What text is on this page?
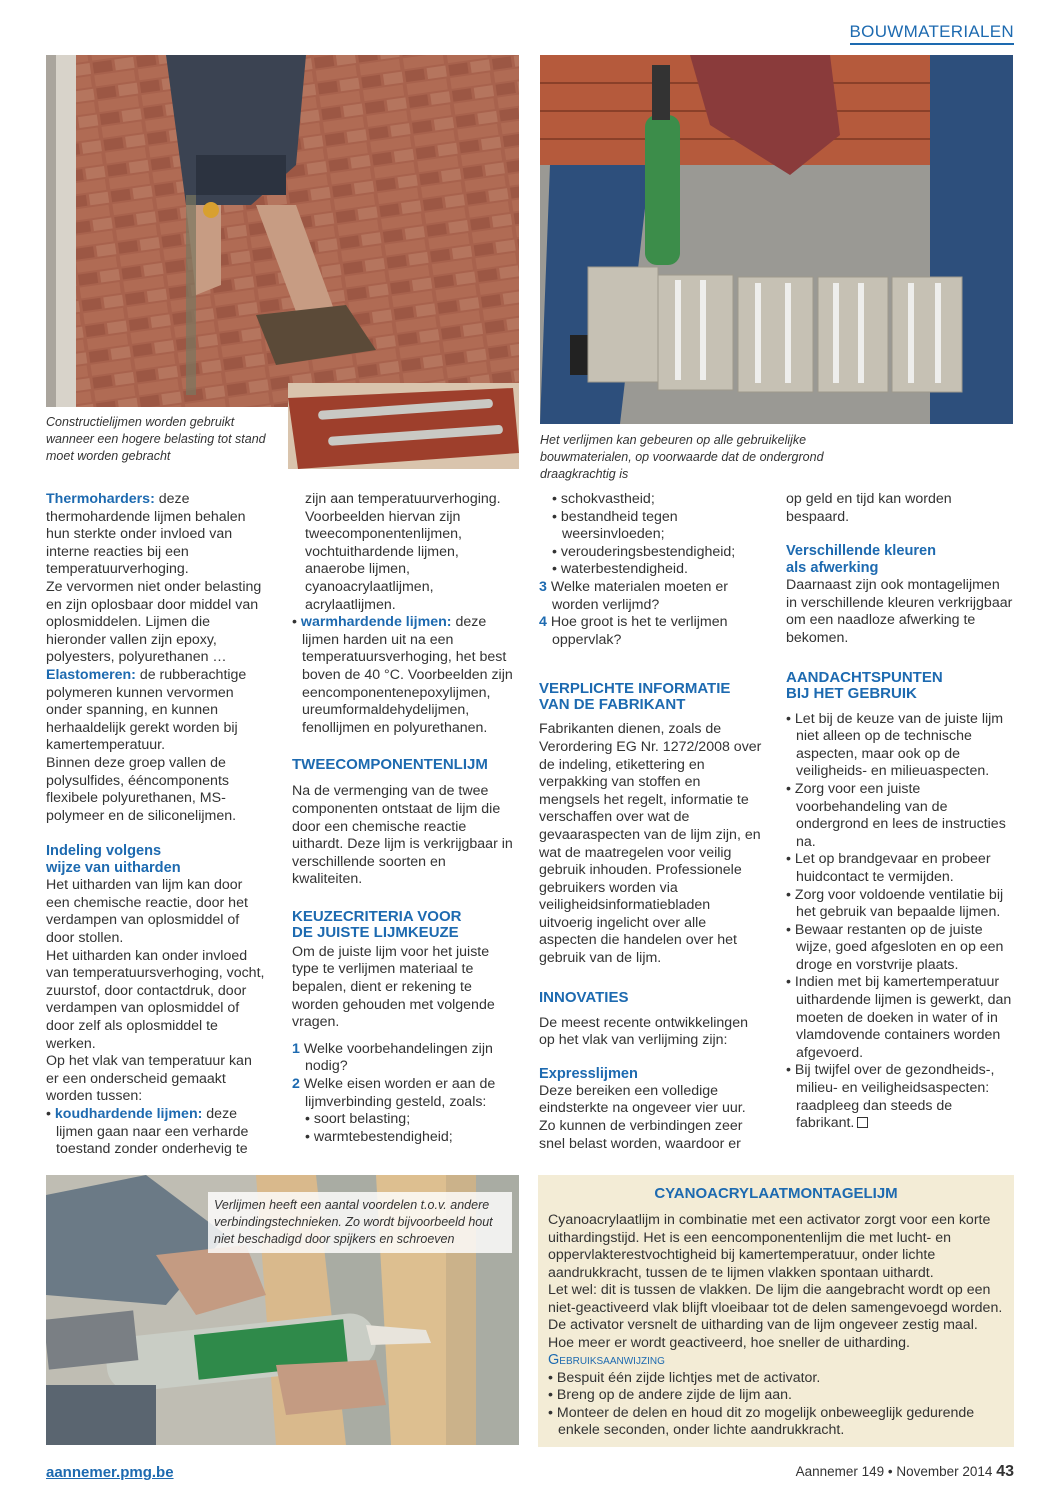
BOUWMATERIALEN
Constructielijmen worden gebruikt wanneer een hogere belasting tot stand moet worden gebracht
Het verlijmen kan gebeuren op alle gebruikelijke bouwmaterialen, op voorwaarde dat de ondergrond draagkrachtig is

Thermoharders: deze thermohardende lijmen behalen hun sterkte onder invloed van interne reacties bij een temperatuurverhoging.

Ze vervormen niet onder belasting en zijn oplosbaar door middel van oplosmiddelen. Lijmen die hieronder vallen zijn epoxy, polyesters, polyurethanen …

Elastomeren: de rubberachtige polymeren kunnen vervormen onder spanning, en kunnen herhaaldelijk gerekt worden bij kamertemperatuur.

Binnen deze groep vallen de polysulfides, ééncomponents flexibele polyurethanen, MS-polymeer en de siliconelijmen.

Indeling volgens

wijze van uitharden

Het uitharden van lijm kan door een chemische reactie, door het verdampen van oplosmiddel of door stollen.

Het uitharden kan onder invloed van temperatuursverhoging, vocht, zuurstof, door contactdruk, door verdampen van oplosmiddel of door zelf als oplosmiddel te werken.

Op het vlak van temperatuur kan er een onderscheid gemaakt worden tussen:

• koudhardende lijmen: deze lijmen gaan naar een verharde toestand zonder onderhevig te

zijn aan temperatuurverhoging. Voorbeelden hiervan zijn tweecomponentenlijmen, vochtuithardende lijmen, anaerobe lijmen, cyanoacrylaatlijmen, acrylaatlijmen.

• warmhardende lijmen: deze lijmen harden uit na een temperatuursverhoging, het best boven de 40 °C. Voorbeelden zijn eencomponentenepoxylijmen, ureumformaldehydelijmen, fenollijmen en polyurethanen.

TWEECOMPONENTENLIJM

Na de vermenging van de twee componenten ontstaat de lijm die door een chemische reactie uithardt. Deze lijm is verkrijgbaar in verschillende soorten en kwaliteiten.

KEUZECRITERIA VOOR

DE JUISTE LIJMKEUZE

Om de juiste lijm voor het juiste type te verlijmen materiaal te bepalen, dient er rekening te worden gehouden met volgende vragen.

1 Welke voorbehandelingen zijn nodig?

2 Welke eisen worden er aan de lijmverbinding gesteld, zoals:

• soort belasting;

• warmtebestendigheid;

• schokvastheid;

• bestandheid tegen weersinvloeden;

• verouderingsbestendigheid;

• waterbestendigheid.

3 Welke materialen moeten er worden verlijmd?

4 Hoe groot is het te verlijmen oppervlak?

VERPLICHTE INFORMATIE

VAN DE FABRIKANT

Fabrikanten dienen, zoals de Verordering EG Nr. 1272/2008 over de indeling, etikettering en verpakking van stoffen en mengsels het regelt, informatie te verschaffen over wat de gevaaraspecten van de lijm zijn, en wat de maatregelen voor veilig gebruik inhouden. Professionele gebruikers worden via veiligheidsinformatiebladen uitvoerig ingelicht over alle aspecten die handelen over het gebruik van de lijm.

INNOVATIES

De meest recente ontwikkelingen op het vlak van verlijming zijn:

Expresslijmen

Deze bereiken een volledige eindsterkte na ongeveer vier uur. Zo kunnen de verbindingen zeer snel belast worden, waardoor er

op geld en tijd kan worden bespaard.

Verschillende kleuren

als afwerking

Daarnaast zijn ook montagelijmen in verschillende kleuren verkrijgbaar om een naadloze afwerking te bekomen.

AANDACHTSPUNTEN

BIJ HET GEBRUIK

• Let bij de keuze van de juiste lijm niet alleen op de technische aspecten, maar ook op de veiligheids- en milieuaspecten.

• Zorg voor een juiste voorbehandeling van de ondergrond en lees de instructies na.

• Let op brandgevaar en probeer huidcontact te vermijden.

• Zorg voor voldoende ventilatie bij het gebruik van bepaalde lijmen.

• Bewaar restanten op de juiste wijze, goed afgesloten en op een droge en vorstvrije plaats.

• Indien met bij kamertemperatuur uithardende lijmen is gewerkt, dan moeten de doeken in water of in vlamdovende containers worden afgevoerd.

• Bij twijfel over de gezondheids-, milieu- en veiligheidsaspecten: raadpleeg dan steeds de fabrikant.

Verlijmen heeft een aantal voordelen t.o.v. andere verbindingstechnieken. Zo wordt bijvoorbeeld hout niet beschadigd door spijkers en schroeven
CYANOACRYLAATMONTAGELIJM

Cyanoacrylaatlijm in combinatie met een activator zorgt voor een korte uithardingstijd. Het is een eencomponentenlijm die met lucht- en oppervlakterestvochtigheid bij kamertemperatuur, onder lichte aandrukkracht, tussen de te lijmen vlakken spontaan uithardt.

Let wel: dit is tussen de vlakken. De lijm die aangebracht wordt op een niet-geactiveerd vlak blijft vloeibaar tot de delen samengevoegd worden. De activator versnelt de uitharding van de lijm ongeveer zestig maal. Hoe meer er wordt geactiveerd, hoe sneller de uitharding.

Gebruiksaanwijzing

• Bespuit één zijde lichtjes met de activator.

• Breng op de andere zijde de lijm aan.

• Monteer de delen en houd dit zo mogelijk onbeweeglijk gedurende enkele seconden, onder lichte aandrukkracht.

aannemer.pmg.be	Aannemer 149 • November 2014 43
